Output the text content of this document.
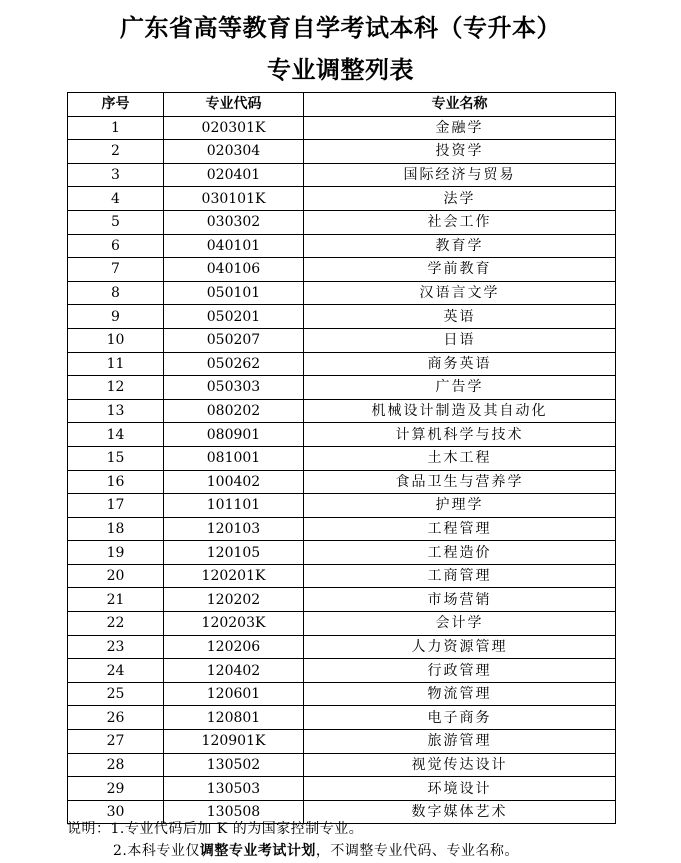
广东省高等教育自学考试本科（专升本）
专业调整列表
序号	专业代码	专业名称
1	020301K	金融学
2	020304	投资学
3	020401	国际经济与贸易
4	030101K	法学
5	030302	社会工作
6	040101	教育学
7	040106	学前教育
8	050101	汉语言文学
9	050201	英语
10	050207	日语
11	050262	商务英语
12	050303	广告学
13	080202	机械设计制造及其自动化
14	080901	计算机科学与技术
15	081001	土木工程
16	100402	食品卫生与营养学
17	101101	护理学
18	120103	工程管理
19	120105	工程造价
20	120201K	工商管理
21	120202	市场营销
22	120203K	会计学
23	120206	人力资源管理
24	120402	行政管理
25	120601	物流管理
26	120801	电子商务
27	120901K	旅游管理
28	130502	视觉传达设计
29	130503	环境设计
30	130508	数字媒体艺术
说明：1.专业代码后加 K 的为国家控制专业。
2.本科专业仅调整专业考试计划，不调整专业代码、专业名称。
